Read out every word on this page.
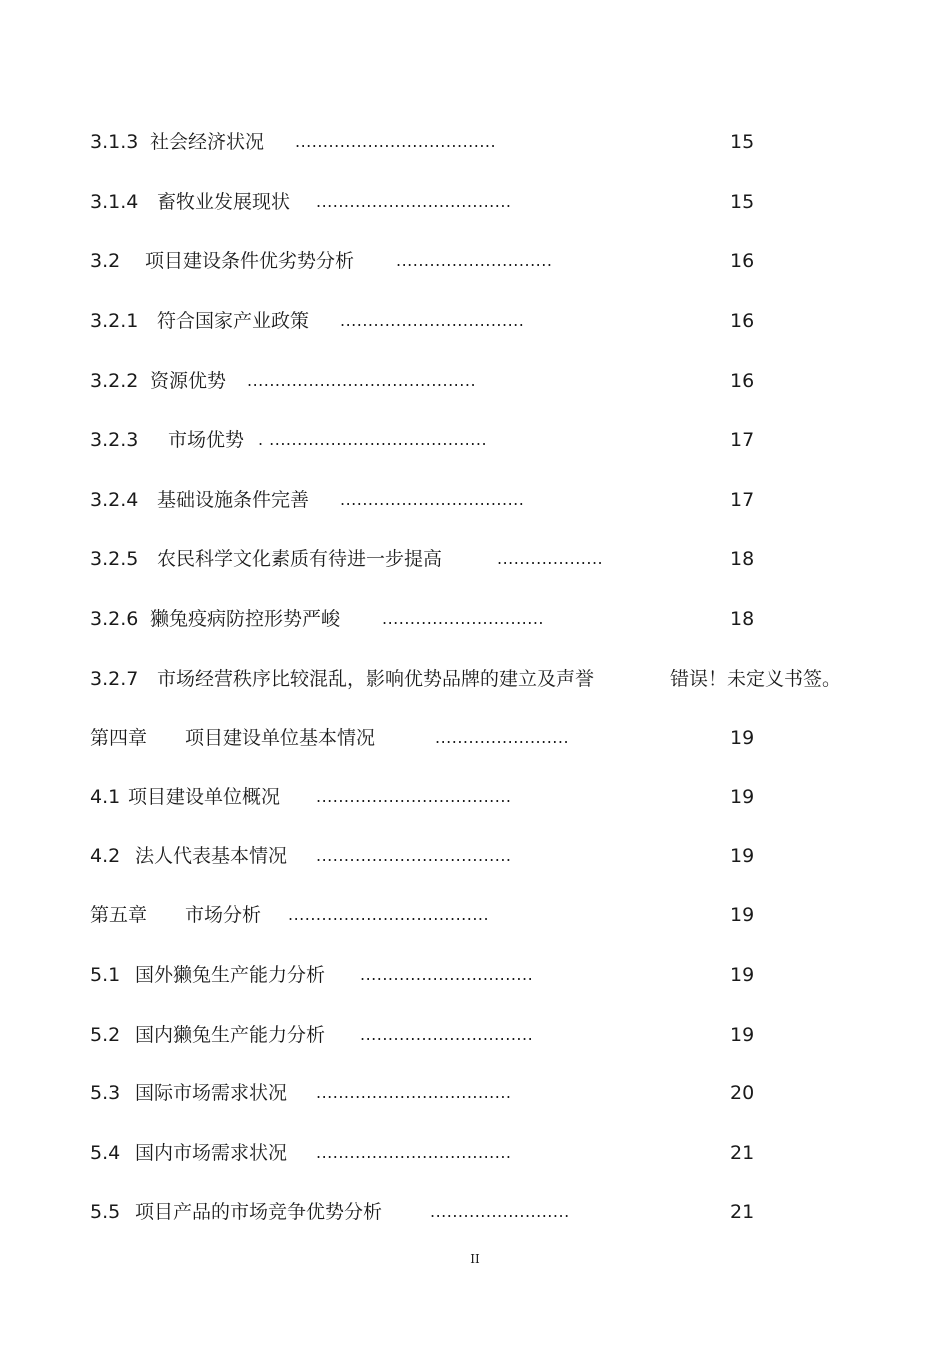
3.1.3 社会经济状况 ....................................	15
3.1.4 畜牧业发展现状 ...................................	15
3.2 项目建设条件优劣势分析	............................	16
3.2.1 符合国家产业政策 .................................	16
3.2.2 资源优势 .........................................	16
3.2.3 市场优势 . .......................................	17
3.2.4 基础设施条件完善 .................................	17
3.2.5 农民科学文化素质有待进一步提高	...................	18
3.2.6 獭兔疫病防控形势严峻	.............................	18
3.2.7 市场经营秩序比较混乱，影响优势品牌的建立及声誉	错误！未定义书签。
第四章 项目建设单位基本情况	........................	19
4.1 项目建设单位概况 ...................................	19
4.2 法人代表基本情况 ...................................	19
第五章 市场分析 ....................................	19
5.1 国外獭兔生产能力分析 ...............................	19
5.2 国内獭兔生产能力分析 ...............................	19
5.3 国际市场需求状况 ...................................	20
5.4 国内市场需求状况 ...................................	21
5.5 项目产品的市场竞争优势分析	.........................	21
II
